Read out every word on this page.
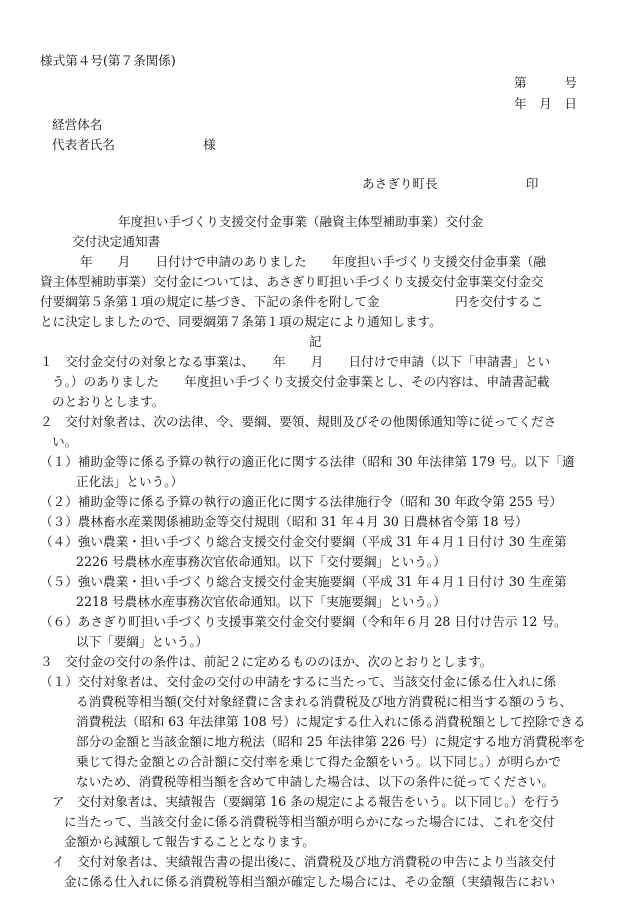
様式第４号(第７条関係)
第　　　号
年　月　日
経営体名
代表者氏名　　　　　　　様
あさぎり町長　　　　　　　印
年度担い手づくり支援交付金事業（融資主体型補助事業）交付金
交付決定通知書
年　　月　　日付けで申請のありました　　年度担い手づくり支援交付金事業（融
資主体型補助事業）交付金については、あさぎり町担い手づくり支援交付金事業交付金交
付要綱第５条第１項の規定に基づき、下記の条件を附して金　　　　　　円を交付するこ
とに決定しましたので、同要綱第７条第１項の規定により通知します。
記
１　交付金交付の対象となる事業は、　　年　　月　　日付けで申請（以下「申請書」とい
う。）のありました　　年度担い手づくり支援交付金事業とし、その内容は、申請書記載
のとおりとします。
２　交付対象者は、次の法律、令、要綱、要領、規則及びその他関係通知等に従ってくださ
い。
（１）補助金等に係る予算の執行の適正化に関する法律（昭和 30 年法律第 179 号。以下「適
正化法」という。）
（２）補助金等に係る予算の執行の適正化に関する法律施行令（昭和 30 年政令第 255 号）
（３）農林畜水産業関係補助金等交付規則（昭和 31 年４月 30 日農林省令第 18 号）
（４）強い農業・担い手づくり総合支援交付金交付要綱（平成 31 年４月１日付け 30 生産第
2226 号農林水産事務次官依命通知。以下「交付要綱」という。）
（５）強い農業・担い手づくり総合支援交付金実施要綱（平成 31 年４月１日付け 30 生産第
2218 号農林水産事務次官依命通知。以下「実施要綱」という。）
（６）あさぎり町担い手づくり支援事業交付金交付要綱（令和年６月 28 日付け告示 12 号。
以下「要綱」という。）
３　交付金の交付の条件は、前記２に定めるもののほか、次のとおりとします。
（１）交付対象者は、交付金の交付の申請をするに当たって、当該交付金に係る仕入れに係
る消費税等相当額(交付対象経費に含まれる消費税及び地方消費税に相当する額のうち、
消費税法（昭和 63 年法律第 108 号）に規定する仕入れに係る消費税額として控除できる
部分の金額と当該金額に地方税法（昭和 25 年法律第 226 号）に規定する地方消費税率を
乗じて得た金額との合計額に交付率を乗じて得た金額をいう。以下同じ。）が明らかで
ないため、消費税等相当額を含めて申請した場合は、以下の条件に従ってください。
ア　交付対象者は、実績報告（要綱第 16 条の規定による報告をいう。以下同じ。）を行う
に当たって、当該交付金に係る消費税等相当額が明らかになった場合には、これを交付
金額から減額して報告することとなります。
イ　交付対象者は、実績報告書の提出後に、消費税及び地方消費税の申告により当該交付
金に係る仕入れに係る消費税等相当額が確定した場合には、その金額（実績報告におい
